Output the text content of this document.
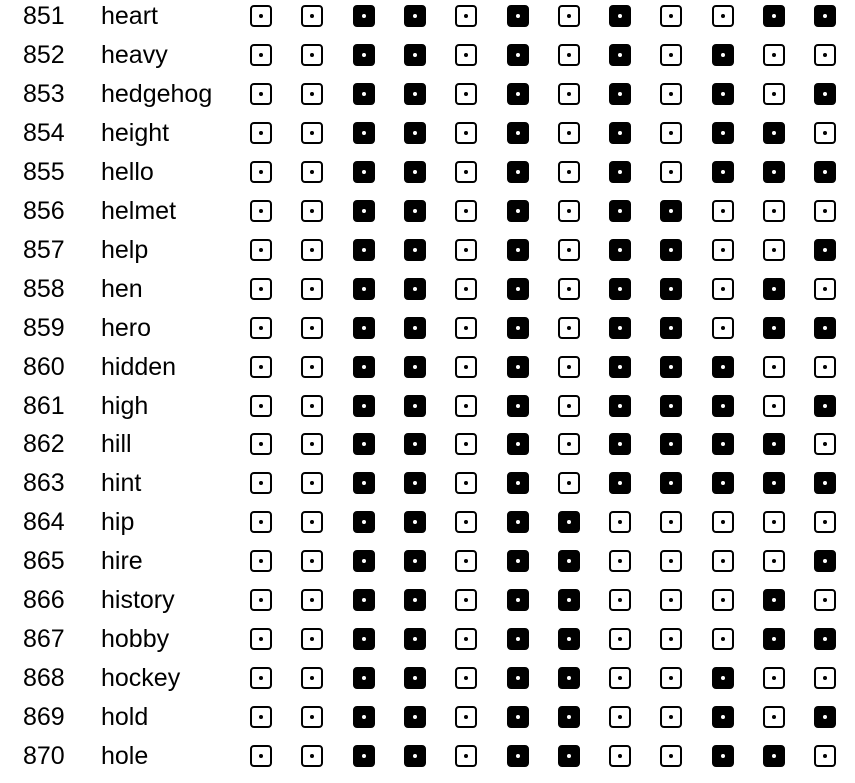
851 heart
852 heavy
853 hedgehog
854 height
855 hello
856 helmet
857 help
858 hen
859 hero
860 hidden
861 high
862 hill
863 hint
864 hip
865 hire
866 history
867 hobby
868 hockey
869 hold
870 hole
